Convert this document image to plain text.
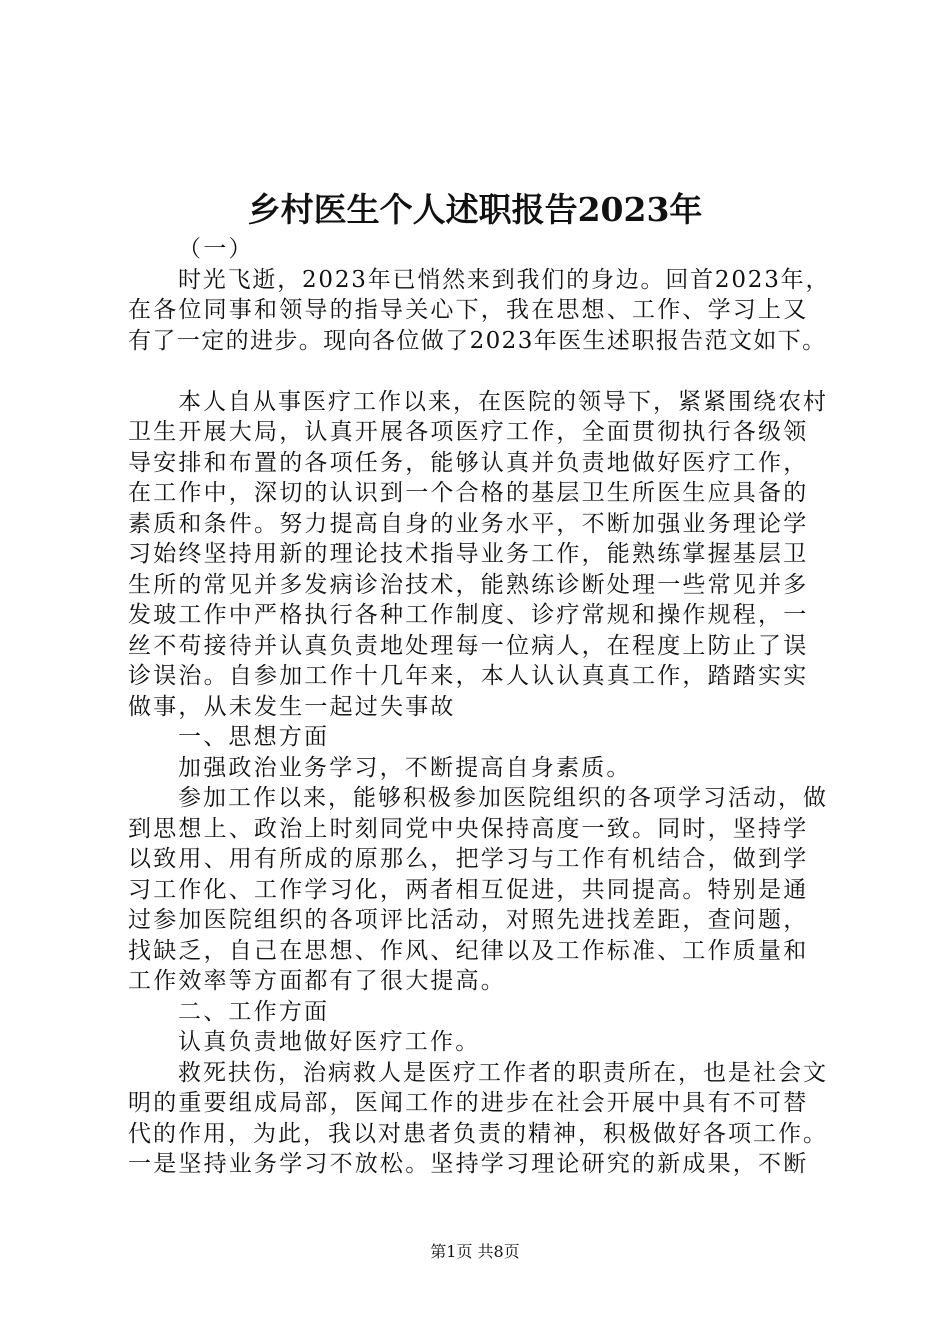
乡村医生个人述职报告2023年
（一）
时光飞逝，2023年已悄然来到我们的身边。回首2023年，
在各位同事和领导的指导关心下，我在思想、工作、学习上又
有了一定的进步。现向各位做了2023年医生述职报告范文如下。
本人自从事医疗工作以来，在医院的领导下，紧紧围绕农村
卫生开展大局，认真开展各项医疗工作，全面贯彻执行各级领
导安排和布置的各项任务，能够认真并负责地做好医疗工作，
在工作中，深切的认识到一个合格的基层卫生所医生应具备的
素质和条件。努力提高自身的业务水平，不断加强业务理论学
习始终坚持用新的理论技术指导业务工作，能熟练掌握基层卫
生所的常见并多发病诊治技术，能熟练诊断处理一些常见并多
发玻工作中严格执行各种工作制度、诊疗常规和操作规程，一
丝不苟接待并认真负责地处理每一位病人，在程度上防止了误
诊误治。自参加工作十几年来，本人认认真真工作，踏踏实实
做事，从未发生一起过失事故
一、思想方面
加强政治业务学习，不断提高自身素质。
参加工作以来，能够积极参加医院组织的各项学习活动，做
到思想上、政治上时刻同党中央保持高度一致。同时，坚持学
以致用、用有所成的原那么，把学习与工作有机结合，做到学
习工作化、工作学习化，两者相互促进，共同提高。特别是通
过参加医院组织的各项评比活动，对照先进找差距，查问题，
找缺乏，自己在思想、作风、纪律以及工作标准、工作质量和
工作效率等方面都有了很大提高。
二、工作方面
认真负责地做好医疗工作。
救死扶伤，治病救人是医疗工作者的职责所在，也是社会文
明的重要组成局部，医闻工作的进步在社会开展中具有不可替
代的作用，为此，我以对患者负责的精神，积极做好各项工作。
一是坚持业务学习不放松。坚持学习理论研究的新成果，不断
第1页 共8页
